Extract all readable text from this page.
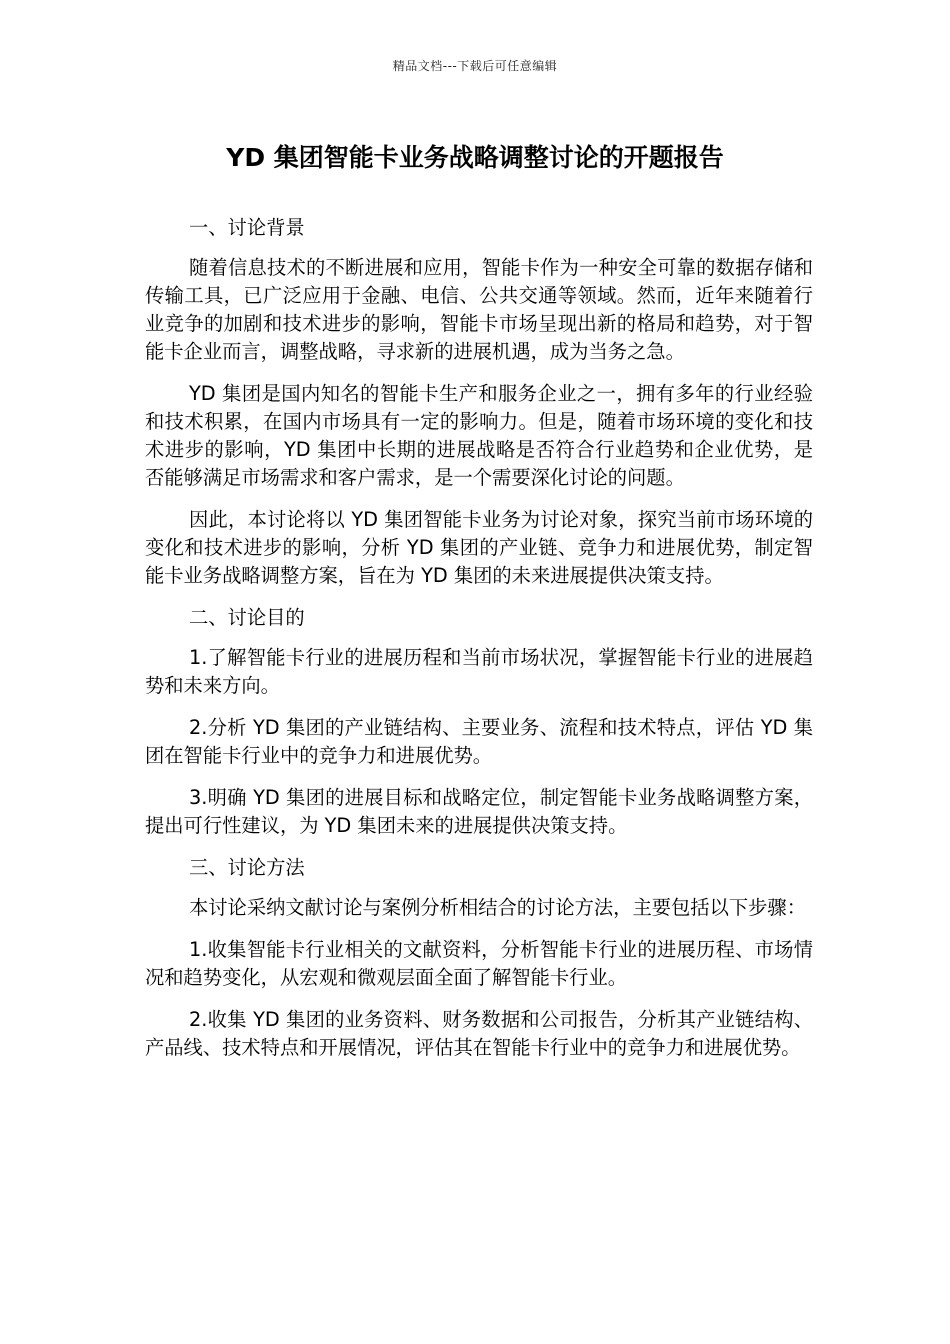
精品文档---下载后可任意编辑
YD 集团智能卡业务战略调整讨论的开题报告

一、讨论背景

随着信息技术的不断进展和应用，智能卡作为一种安全可靠的数据存储和传输工具，已广泛应用于金融、电信、公共交通等领域。然而，近年来随着行业竞争的加剧和技术进步的影响，智能卡市场呈现出新的格局和趋势，对于智能卡企业而言，调整战略，寻求新的进展机遇，成为当务之急。

YD 集团是国内知名的智能卡生产和服务企业之一，拥有多年的行业经验和技术积累，在国内市场具有一定的影响力。但是，随着市场环境的变化和技术进步的影响，YD 集团中长期的进展战略是否符合行业趋势和企业优势，是否能够满足市场需求和客户需求，是一个需要深化讨论的问题。

因此，本讨论将以 YD 集团智能卡业务为讨论对象，探究当前市场环境的变化和技术进步的影响，分析 YD 集团的产业链、竞争力和进展优势，制定智能卡业务战略调整方案，旨在为 YD 集团的未来进展提供决策支持。

二、讨论目的

1.了解智能卡行业的进展历程和当前市场状况，掌握智能卡行业的进展趋势和未来方向。

2.分析 YD 集团的产业链结构、主要业务、流程和技术特点，评估 YD 集团在智能卡行业中的竞争力和进展优势。

3.明确 YD 集团的进展目标和战略定位，制定智能卡业务战略调整方案，提出可行性建议，为 YD 集团未来的进展提供决策支持。

三、讨论方法

本讨论采纳文献讨论与案例分析相结合的讨论方法，主要包括以下步骤：

1.收集智能卡行业相关的文献资料，分析智能卡行业的进展历程、市场情况和趋势变化，从宏观和微观层面全面了解智能卡行业。

2.收集 YD 集团的业务资料、财务数据和公司报告，分析其产业链结构、产品线、技术特点和开展情况，评估其在智能卡行业中的竞争力和进展优势。
